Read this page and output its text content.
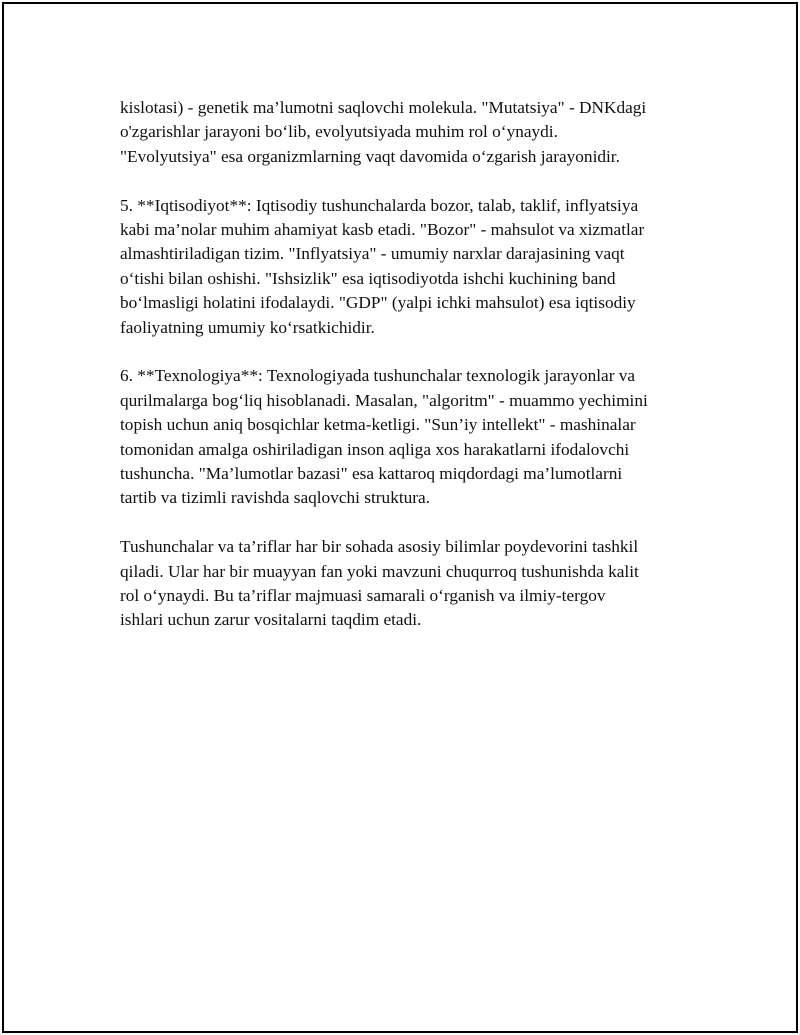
kislotasi) - genetik ma’lumotni saqlovchi molekula. "Mutatsiya" - DNKdagi
o'zgarishlar jarayoni bo‘lib, evolyutsiyada muhim rol o‘ynaydi.
"Evolyutsiya" esa organizmlarning vaqt davomida o‘zgarish jarayonidir.

5. **Iqtisodiyot**: Iqtisodiy tushunchalarda bozor, talab, taklif, inflyatsiya
kabi ma’nolar muhim ahamiyat kasb etadi. "Bozor" - mahsulot va xizmatlar
almashtiriladigan tizim. "Inflyatsiya" - umumiy narxlar darajasining vaqt
o‘tishi bilan oshishi. "Ishsizlik" esa iqtisodiyotda ishchi kuchining band
bo‘lmasligi holatini ifodalaydi. "GDP" (yalpi ichki mahsulot) esa iqtisodiy
faoliyatning umumiy ko‘rsatkichidir.

6. **Texnologiya**: Texnologiyada tushunchalar texnologik jarayonlar va
qurilmalarga bog‘liq hisoblanadi. Masalan, "algoritm" - muammo yechimini
topish uchun aniq bosqichlar ketma-ketligi. "Sun’iy intellekt" - mashinalar
tomonidan amalga oshiriladigan inson aqliga xos harakatlarni ifodalovchi
tushuncha. "Ma’lumotlar bazasi" esa kattaroq miqdordagi ma’lumotlarni
tartib va tizimli ravishda saqlovchi struktura.

Tushunchalar va ta’riflar har bir sohada asosiy bilimlar poydevorini tashkil
qiladi. Ular har bir muayyan fan yoki mavzuni chuqurroq tushunishda kalit
rol o‘ynaydi. Bu ta’riflar majmuasi samarali o‘rganish va ilmiy-tergov
ishlari uchun zarur vositalarni taqdim etadi.
